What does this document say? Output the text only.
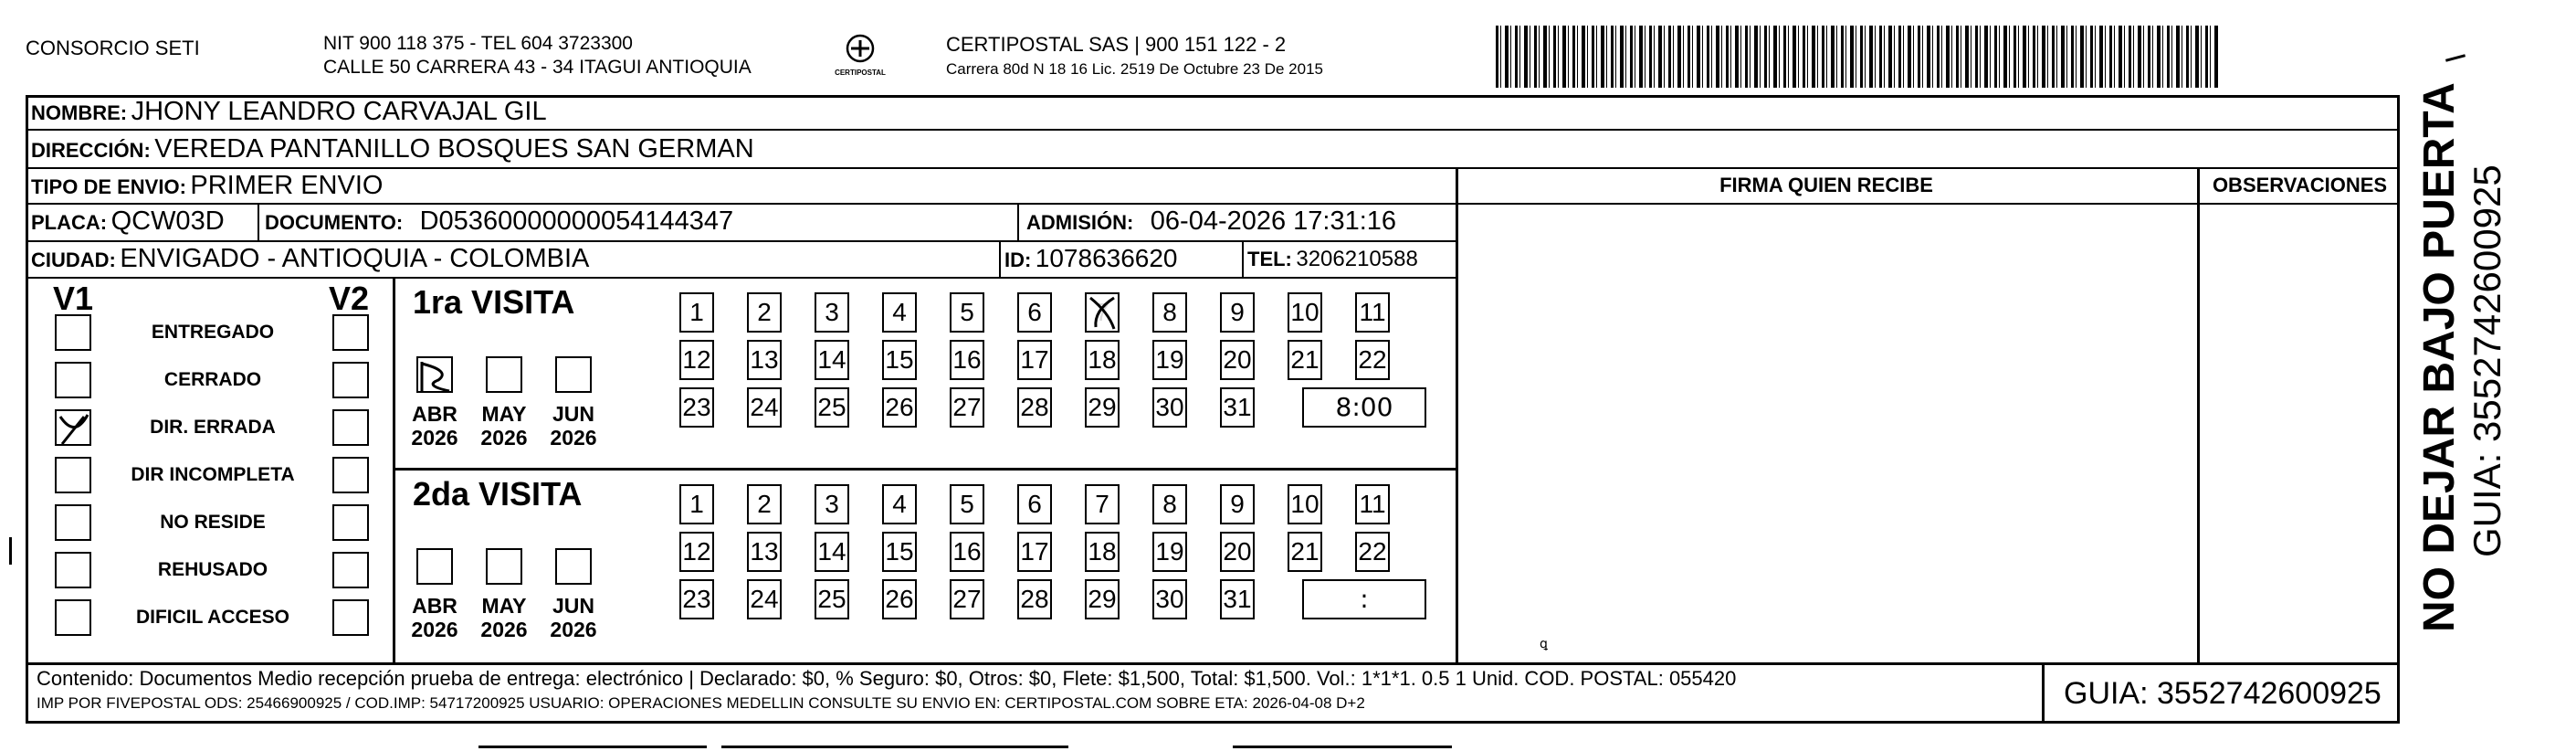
CONSORCIO SETI	NIT 900 118 375 - TEL 604 3723300
CALLE 50 CARRERA 43 - 34 ITAGUI ANTIOQUIA	CERTIPOSTAL
CERTIPOSTAL SAS | 900 151 122 - 2
Carrera 80d N 18 16 Lic. 2519 De Octubre 23 De 2015
NOMBRE: JHONY LEANDRO CARVAJAL GIL
DIRECCIÓN: VEREDA PANTANILLO BOSQUES SAN GERMAN
TIPO DE ENVIO: PRIMER ENVIO
PLACA: QCW03D DOCUMENTO: D05360000000054144347	ADMISIÓN: 06-04-2026 17:31:16
CIUDAD: ENVIGADO - ANTIOQUIA - COLOMBIA	ID: 1078636620	TEL: 3206210588
FIRMA QUIEN RECIBE	OBSERVACIONES
ꝗ
V1	V2
ENTREGADO
CERRADO
DIR. ERRADA
DIR INCOMPLETA
NO RESIDE
REHUSADO
DIFICIL ACCESO
1ra VISITA
ABR
2026
MAY
2026
JUN
2026
1	2	3	4	5	6	7	8	9	10 11
12 13 14 15 16 17 18 19 20 21 22
23 24 25 26 27 28 29 30 31	8:00
2da VISITA
ABR
2026
MAY
2026
JUN
2026
1	2	3	4	5	6	7	8	9	10 11
12 13 14 15 16 17 18 19 20 21 22
23 24 25 26 27 28 29 30 31	:
Contenido: Documentos Medio recepción prueba de entrega: electrónico | Declarado: $0, % Seguro: $0, Otros: $0, Flete: $1,500, Total: $1,500. Vol.: 1*1*1. 0.5 1 Unid. COD. POSTAL: 055420
IMP POR FIVEPOSTAL ODS: 25466900925 / COD.IMP: 54717200925 USUARIO: OPERACIONES MEDELLIN CONSULTE SU ENVIO EN: CERTIPOSTAL.COM SOBRE ETA: 2026-04-08 D+2	GUIA: 3552742600925
NO DEJAR BAJO PUERTA GUIA: 3552742600925
